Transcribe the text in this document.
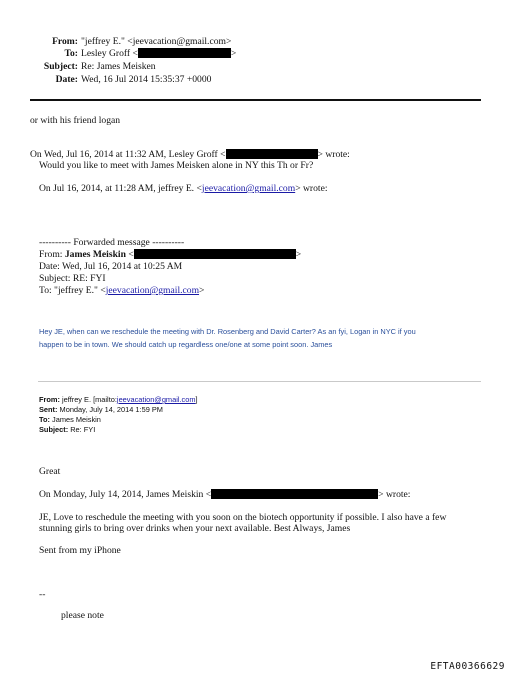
From: "jeffrey E." <jeevacation@gmail.com>
To: Lesley Groff <	>
Subject: Re: James Meisken
Date: Wed, 16 Jul 2014 15:35:37 +0000
or with his friend logan
On Wed, Jul 16, 2014 at 11:32 AM, Lesley Groff <	> wrote:
Would you like to meet with James Meisken alone in NY this Th or Fr?
On Jul 16, 2014, at 11:28 AM, jeffrey E. <jeevacation@gmail.com> wrote:
---------- Forwarded message ----------
From: James Meiskin <	>
Date: Wed, Jul 16, 2014 at 10:25 AM
Subject: RE: FYI
To: "jeffrey E." <jeevacation@gmail.com>
Hey JE, when can we reschedule the meeting with Dr. Rosenberg and David Carter? As an fyi, Logan in NYC if you
happen to be in town. We should catch up regardless one/one at some point soon. James
From: jeffrey E. [mailto:jeevacation@gmail.com]
Sent: Monday, July 14, 2014 1:59 PM
To: James Meiskin
Subject: Re: FYI
Great
On Monday, July 14, 2014, James Meiskin <	> wrote:
JE, Love to reschedule the meeting with you soon on the biotech opportunity if possible. I also have a few
stunning girls to bring over drinks when your next available. Best Always, James
Sent from my iPhone
--
please note
EFTA00366629
